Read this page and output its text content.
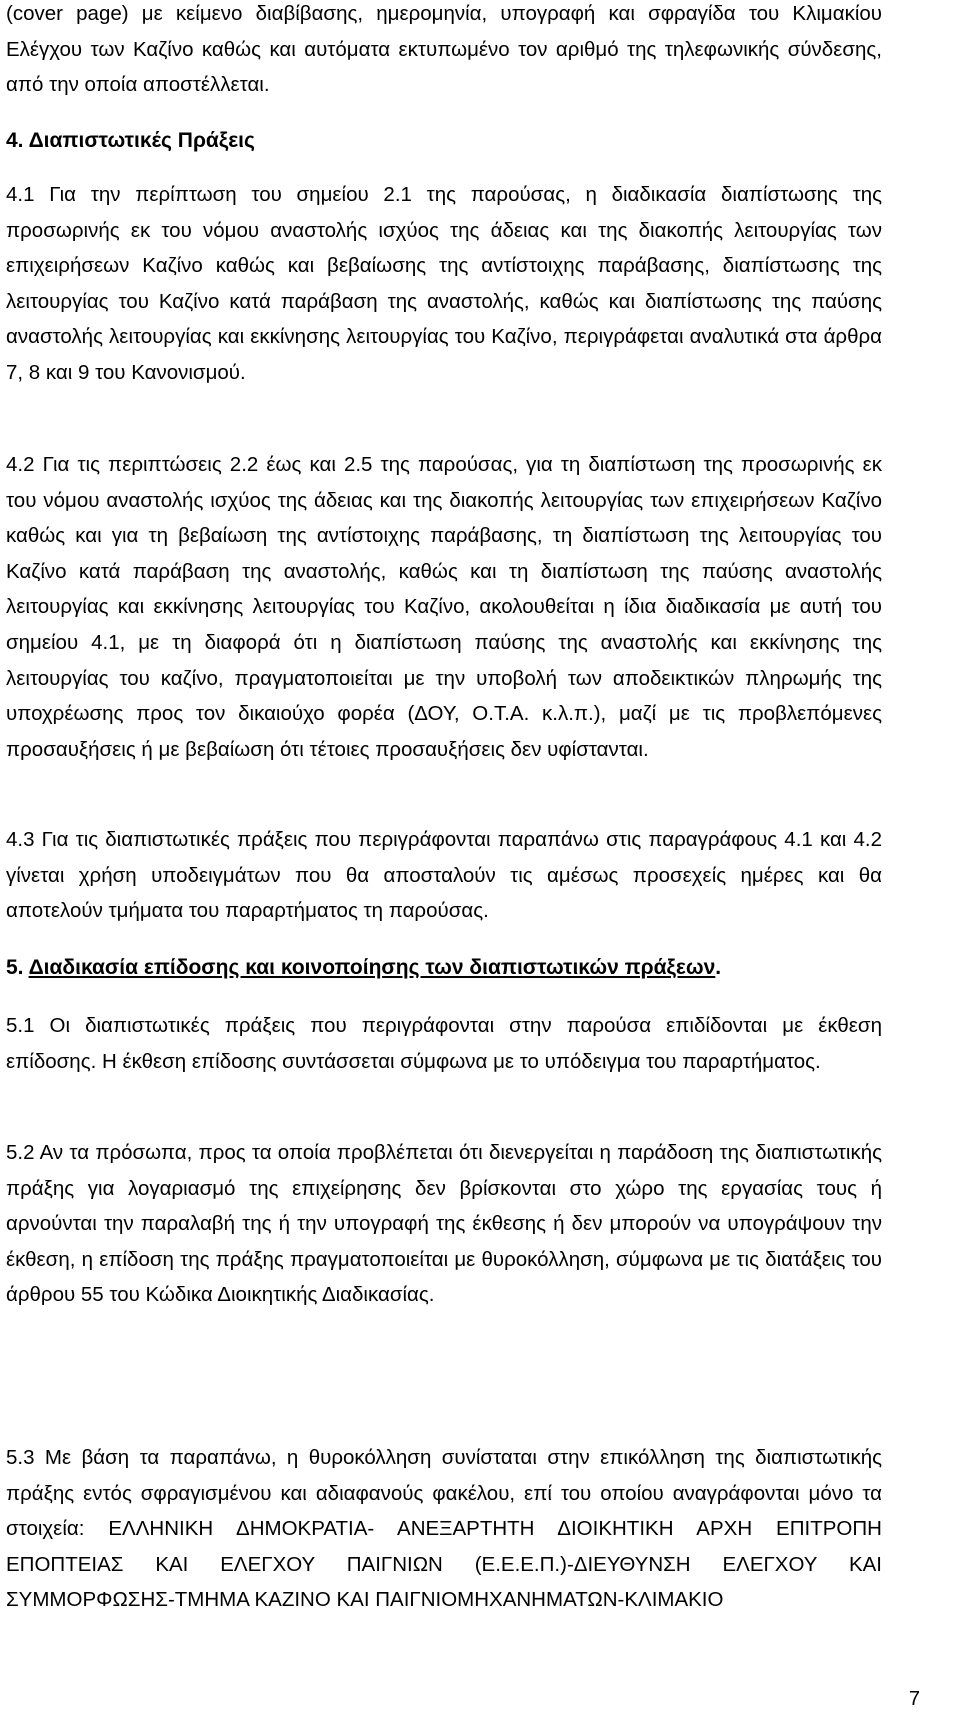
(cover page) με κείμενο διαβίβασης, ημερομηνία, υπογραφή και σφραγίδα του Κλιμακίου Ελέγχου των Καζίνο καθώς και αυτόματα εκτυπωμένο τον αριθμό της τηλεφωνικής σύνδεσης, από την οποία αποστέλλεται.

4. Διαπιστωτικές Πράξεις

4.1 Για την περίπτωση του σημείου 2.1 της παρούσας, η διαδικασία διαπίστωσης της προσωρινής εκ του νόμου αναστολής ισχύος της άδειας και της διακοπής λειτουργίας των επιχειρήσεων Καζίνο καθώς και βεβαίωσης της αντίστοιχης παράβασης, διαπίστωσης της λειτουργίας του Καζίνο κατά παράβαση της αναστολής, καθώς και διαπίστωσης της παύσης αναστολής λειτουργίας και εκκίνησης λειτουργίας του Καζίνο, περιγράφεται αναλυτικά στα άρθρα 7, 8 και 9 του Κανονισμού.

4.2 Για τις περιπτώσεις 2.2 έως και 2.5 της παρούσας, για τη διαπίστωση της προσωρινής εκ του νόμου αναστολής ισχύος της άδειας και της διακοπής λειτουργίας των επιχειρήσεων Καζίνο καθώς και για τη βεβαίωση της αντίστοιχης παράβασης, τη διαπίστωση της λειτουργίας του Καζίνο κατά παράβαση της αναστολής, καθώς και τη διαπίστωση της παύσης αναστολής λειτουργίας και εκκίνησης λειτουργίας του Καζίνο, ακολουθείται η ίδια διαδικασία με αυτή του σημείου 4.1, με τη διαφορά ότι η διαπίστωση παύσης της αναστολής και εκκίνησης της λειτουργίας του καζίνο, πραγματοποιείται με την υποβολή των αποδεικτικών πληρωμής της υποχρέωσης προς τον δικαιούχο φορέα (ΔΟΥ, Ο.Τ.Α. κ.λ.π.), μαζί με τις προβλεπόμενες προσαυξήσεις ή με βεβαίωση ότι τέτοιες προσαυξήσεις δεν υφίστανται.

4.3 Για τις διαπιστωτικές πράξεις που περιγράφονται παραπάνω στις παραγράφους 4.1 και 4.2 γίνεται χρήση υποδειγμάτων που θα αποσταλούν τις αμέσως προσεχείς ημέρες και θα αποτελούν τμήματα του παραρτήματος τη παρούσας.

5. Διαδικασία επίδοσης και κοινοποίησης των διαπιστωτικών πράξεων.

5.1 Οι διαπιστωτικές πράξεις που περιγράφονται στην παρούσα επιδίδονται με έκθεση επίδοσης. Η έκθεση επίδοσης συντάσσεται σύμφωνα με το υπόδειγμα του παραρτήματος.

5.2 Αν τα πρόσωπα, προς τα οποία προβλέπεται ότι διενεργείται η παράδοση της διαπιστωτικής πράξης για λογαριασμό της επιχείρησης δεν βρίσκονται στο χώρο της εργασίας τους ή αρνούνται την παραλαβή της ή την υπογραφή της έκθεσης ή δεν μπορούν να υπογράψουν την έκθεση, η επίδοση της πράξης πραγματοποιείται με θυροκόλληση, σύμφωνα με τις διατάξεις του άρθρου 55 του Κώδικα Διοικητικής Διαδικασίας.

5.3 Με βάση τα παραπάνω, η θυροκόλληση συνίσταται στην επικόλληση της διαπιστωτικής πράξης εντός σφραγισμένου και αδιαφανούς φακέλου, επί του οποίου αναγράφονται μόνο τα στοιχεία: ΕΛΛΗΝΙΚΗ ΔΗΜΟΚΡΑΤΙΑ- ΑΝΕΞΑΡΤΗΤΗ ΔΙΟΙΚΗΤΙΚΗ ΑΡΧΗ ΕΠΙΤΡΟΠΗ ΕΠΟΠΤΕΙΑΣ ΚΑΙ ΕΛΕΓΧΟΥ ΠΑΙΓΝΙΩΝ (Ε.Ε.Ε.Π.)-ΔΙΕΥΘΥΝΣΗ ΕΛΕΓΧΟΥ ΚΑΙ ΣΥΜΜΟΡΦΩΣΗΣ-ΤΜΗΜΑ ΚΑΖΙΝΟ ΚΑΙ ΠΑΙΓΝΙΟΜΗΧΑΝΗΜΑΤΩΝ-ΚΛΙΜΑΚΙΟ

7
